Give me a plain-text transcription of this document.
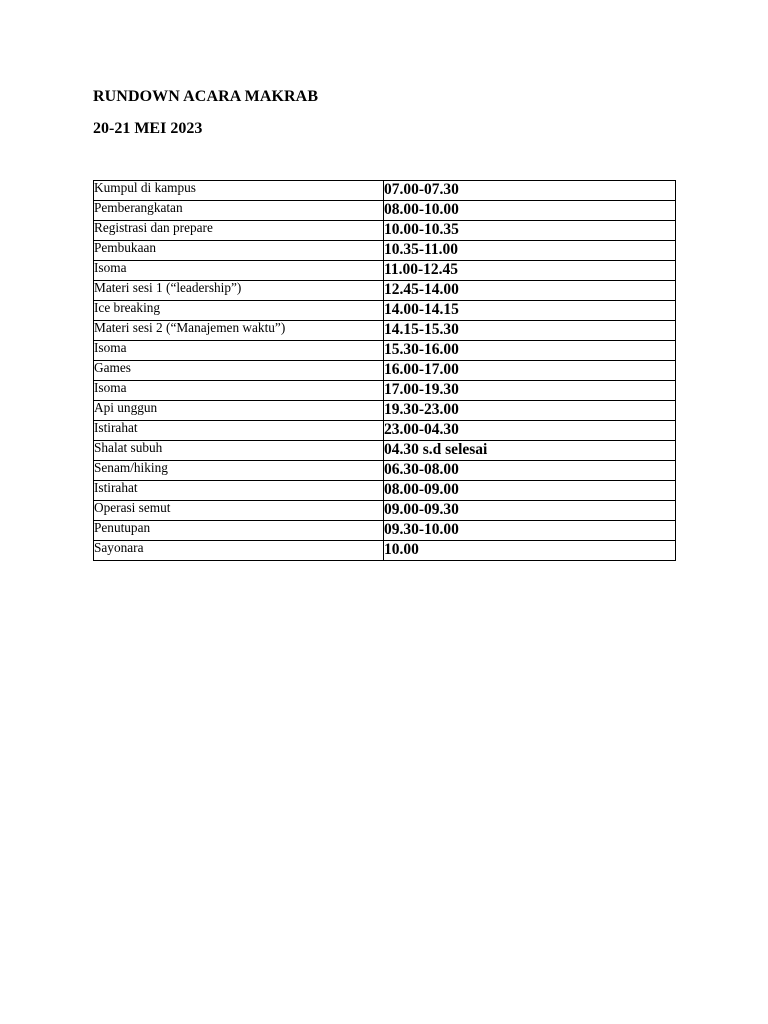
RUNDOWN ACARA MAKRAB
20-21 MEI 2023
Kumpul di kampus	07.00-07.30
Pemberangkatan	08.00-10.00
Registrasi dan prepare	10.00-10.35
Pembukaan	10.35-11.00
Isoma	11.00-12.45
Materi sesi 1 (“leadership”)	12.45-14.00
Ice breaking	14.00-14.15
Materi sesi 2 (“Manajemen waktu”)	14.15-15.30
Isoma	15.30-16.00
Games	16.00-17.00
Isoma	17.00-19.30
Api unggun	19.30-23.00
Istirahat	23.00-04.30
Shalat subuh	04.30 s.d selesai
Senam/hiking	06.30-08.00
Istirahat	08.00-09.00
Operasi semut	09.00-09.30
Penutupan	09.30-10.00
Sayonara	10.00
